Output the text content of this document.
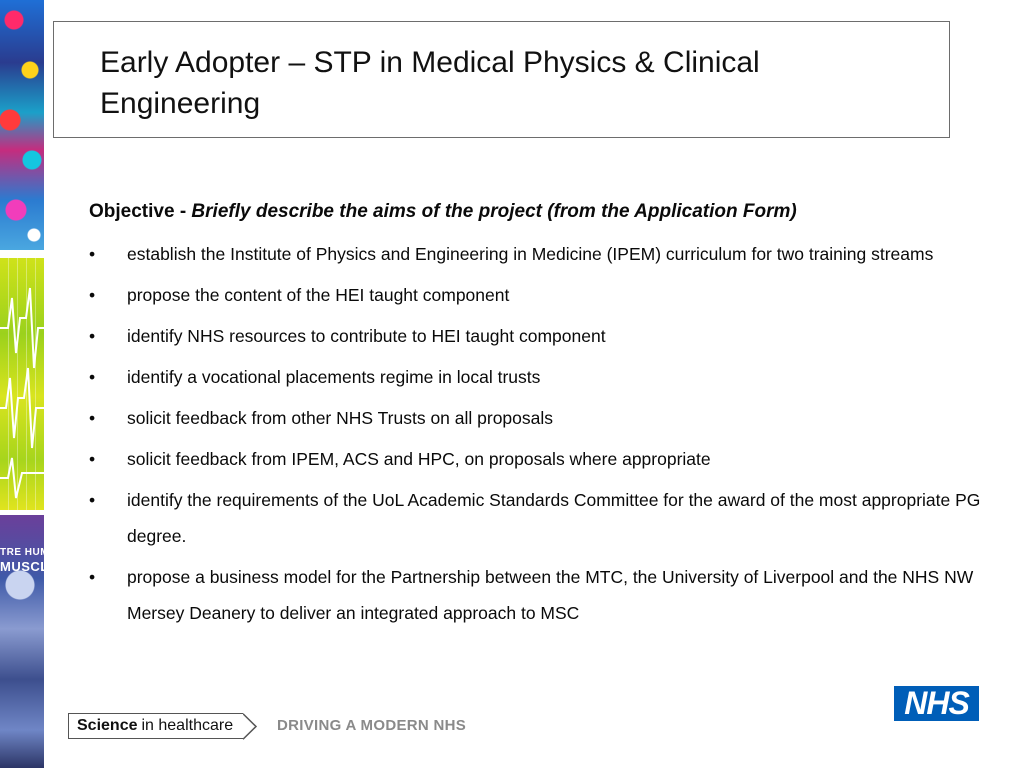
TRE HUM
MUSCL
Early Adopter – STP in Medical Physics & Clinical Engineering
Objective - Briefly describe the aims of the project (from the Application Form)
•	establish the Institute of Physics and Engineering in Medicine (IPEM) curriculum for two training streams
•	propose the content of the HEI taught component
•	identify NHS resources to contribute to HEI taught component
•	identify a vocational placements regime in local trusts
•	solicit feedback from other NHS Trusts on all proposals
•	solicit feedback from IPEM, ACS and HPC, on proposals where appropriate
•	identify the requirements of the UoL Academic Standards Committee for the award of the most appropriate PG degree.
•	propose a business model for the Partnership between the MTC, the University of Liverpool and the NHS NW Mersey Deanery to deliver an integrated approach to MSC
Science in healthcare	DRIVING A MODERN NHS
NHS
